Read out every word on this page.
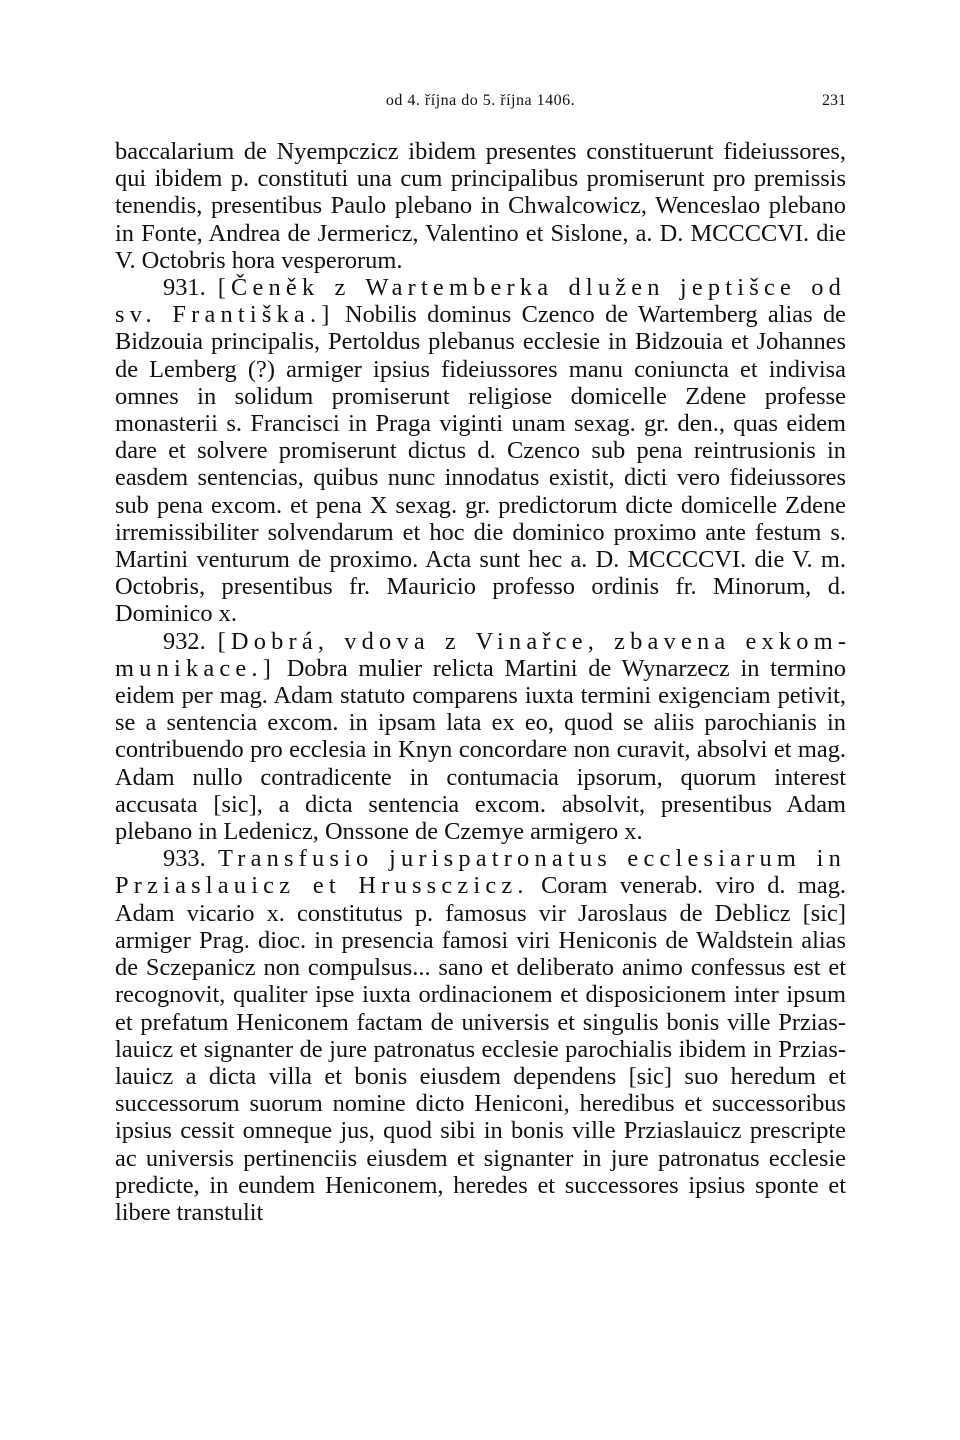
od 4. října do 5. října 1406.	231

baccalarium de Nyempczicz ibidem presentes constituerunt fideiussores, qui ibidem p. constituti una cum principalibus promiserunt pro premissis tenendis, presentibus Paulo plebano in Chwalcowicz, Wenceslao plebano in Fonte, Andrea de Jermericz, Valentino et Sislone, a. D. MCCCCVI. die V. Octobris hora vesperorum.

931. [Čeněk z Wartemberka dlužen jeptišce od sv. Františka.] Nobilis dominus Czenco de Wartemberg alias de Bidzouia principalis, Pertoldus plebanus ecclesie in Bidzouia et Johannes de Lemberg (?) armiger ipsius fideiussores manu coniuncta et indivisa omnes in solidum promiserunt religiose domicelle Zdene professe monasterii s. Francisci in Praga viginti unam sexag. gr. den., quas eidem dare et solvere promiserunt dictus d. Czenco sub pena reintrusionis in easdem sentencias, quibus nunc innodatus existit, dicti vero fideiussores sub pena excom. et pena X sexag. gr. predictorum dicte domicelle Zdene irremissibiliter solvendarum et hoc die dominico proximo ante festum s. Martini venturum de proximo. Acta sunt hec a. D. MCCCCVI. die V. m. Octobris, presentibus fr. Mauricio professo ordinis fr. Minorum, d. Dominico x.

932. [Dobrá, vdova z Vinařce, zbavena exkommunikace.] Dobra mulier relicta Martini de Wynarzecz in termino eidem per mag. Adam statuto comparens iuxta termini exigenciam petivit, se a sentencia excom. in ipsam lata ex eo, quod se aliis parochianis in contribuendo pro ecclesia in Knyn concordare non curavit, absolvi et mag. Adam nullo contradicente in contumacia ipsorum, quorum interest accusata [sic], a dicta sentencia excom. absolvit, presentibus Adam plebano in Ledenicz, Onssone de Czemye armigero x.

933. Transfusio jurispatronatus ecclesiarum in Prziaslauicz et Hrussczicz. Coram venerab. viro d. mag. Adam vicario x. constitutus p. famosus vir Jaroslaus de Deblicz [sic] armiger Prag. dioc. in presencia famosi viri Heniconis de Waldstein alias de Sczepanicz non compulsus... sano et deliberato animo confessus est et recognovit, qualiter ipse iuxta ordinacionem et disposicionem inter ipsum et prefatum Heniconem factam de universis et singulis bonis ville Prziaslauicz et signanter de jure patronatus ecclesie parochialis ibidem in Prziaslauicz a dicta villa et bonis eiusdem dependens [sic] suo heredum et successorum suorum nomine dicto Heniconi, heredibus et successoribus ipsius cessit omneque jus, quod sibi in bonis ville Prziaslauicz prescripte ac universis pertinenciis eiusdem et signanter in jure patronatus ecclesie predicte, in eundem Heniconem, heredes et successores ipsius sponte et libere transtulit
